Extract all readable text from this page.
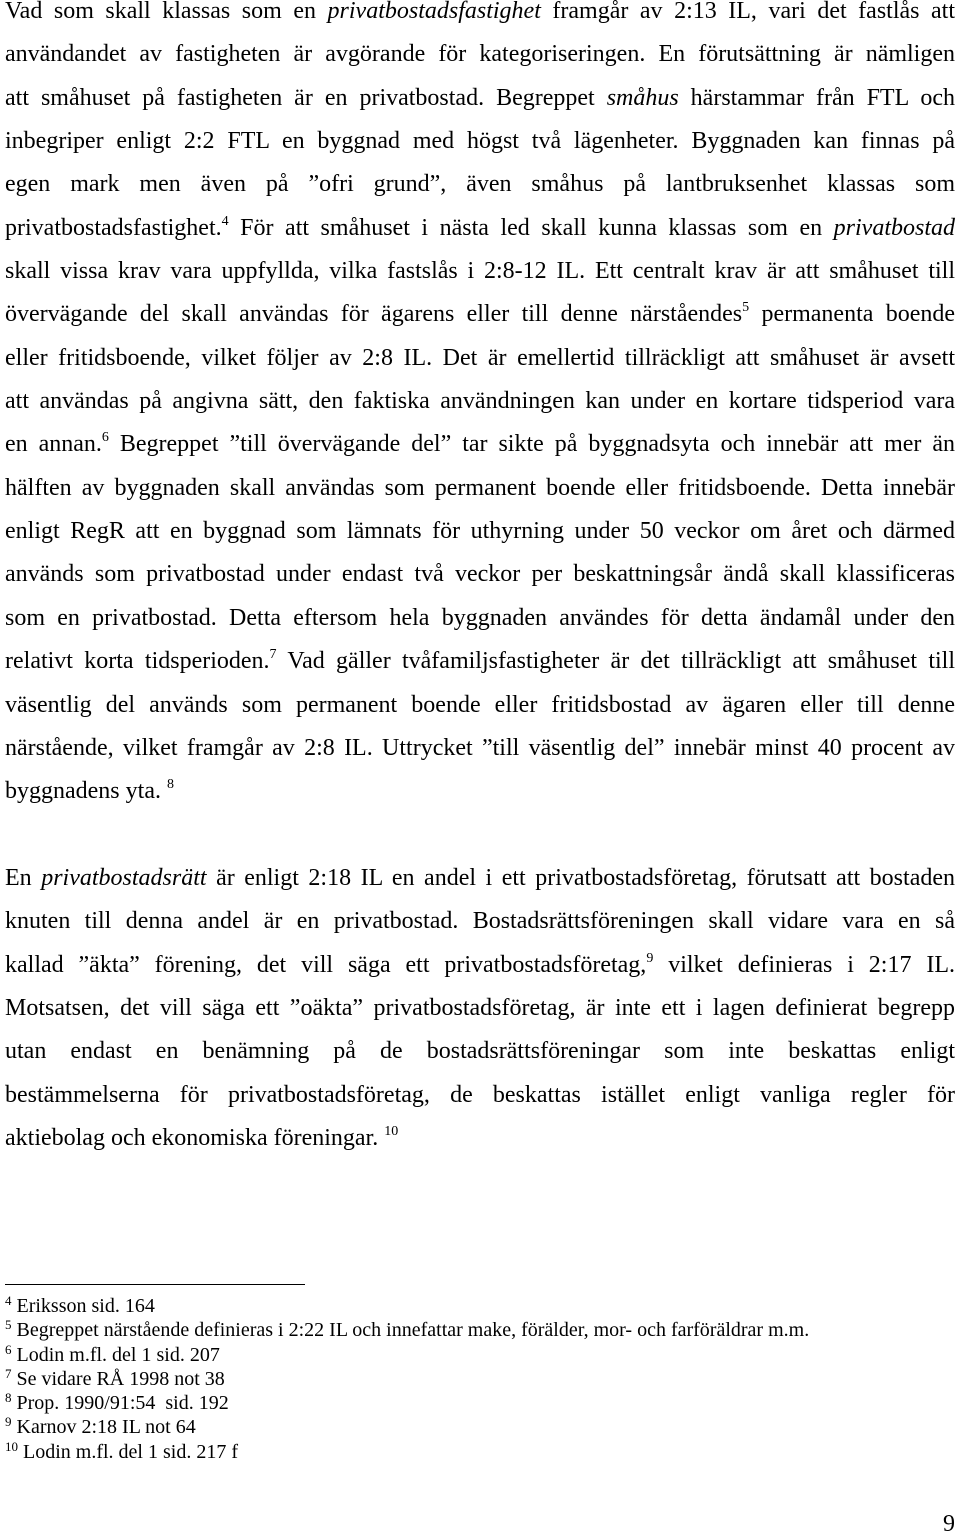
Vad som skall klassas som en privatbostadsfastighet framgår av 2:13 IL, vari det fastlås att
användandet av fastigheten är avgörande för kategoriseringen. En förutsättning är nämligen
att småhuset på fastigheten är en privatbostad. Begreppet småhus härstammar från FTL och
inbegriper enligt 2:2 FTL en byggnad med högst två lägenheter. Byggnaden kan finnas på
egen mark men även på ”ofri grund”, även småhus på lantbruksenhet klassas som
privatbostadsfastighet.$^4$ För att småhuset i nästa led skall kunna klassas som en privatbostad
skall vissa krav vara uppfyllda, vilka fastslås i 2:8-12 IL. Ett centralt krav är att småhuset till
övervägande del skall användas för ägarens eller till denne närståendes$^5$ permanenta boende
eller fritidsboende, vilket följer av 2:8 IL. Det är emellertid tillräckligt att småhuset är avsett
att användas på angivna sätt, den faktiska användningen kan under en kortare tidsperiod vara
en annan.$^6$ Begreppet ”till övervägande del” tar sikte på byggnadsyta och innebär att mer än
hälften av byggnaden skall användas som permanent boende eller fritidsboende. Detta innebär
enligt RegR att en byggnad som lämnats för uthyrning under 50 veckor om året och därmed
används som privatbostad under endast två veckor per beskattningsår ändå skall klassificeras
som en privatbostad. Detta eftersom hela byggnaden användes för detta ändamål under den
relativt korta tidsperioden.$^7$ Vad gäller tvåfamiljsfastigheter är det tillräckligt att småhuset till
väsentlig del används som permanent boende eller fritidsbostad av ägaren eller till denne
närstående, vilket framgår av 2:8 IL. Uttrycket ”till väsentlig del” innebär minst 40 procent av
byggnadens yta. $^8$
En privatbostadsrätt är enligt 2:18 IL en andel i ett privatbostadsföretag, förutsatt att bostaden
knuten till denna andel är en privatbostad. Bostadsrättsföreningen skall vidare vara en så
kallad ”äkta” förening, det vill säga ett privatbostadsföretag,$^9$ vilket definieras i 2:17 IL.
Motsatsen, det vill säga ett ”oäkta” privatbostadsföretag, är inte ett i lagen definierat begrepp
utan endast en benämning på de bostadsrättsföreningar som inte beskattas enligt
bestämmelserna för privatbostadsföretag, de beskattas istället enligt vanliga regler för
aktiebolag och ekonomiska föreningar. $^{10}$
$^4$ Eriksson sid. 164
$^5$ Begreppet närstående definieras i 2:22 IL och innefattar make, förälder, mor- och farföräldrar m.m.
$^6$ Lodin m.fl. del 1 sid. 207
$^7$ Se vidare RÅ 1998 not 38
$^8$ Prop. 1990/91:54  sid. 192
$^9$ Karnov 2:18 IL not 64
$^{10}$ Lodin m.fl. del 1 sid. 217 f
9
